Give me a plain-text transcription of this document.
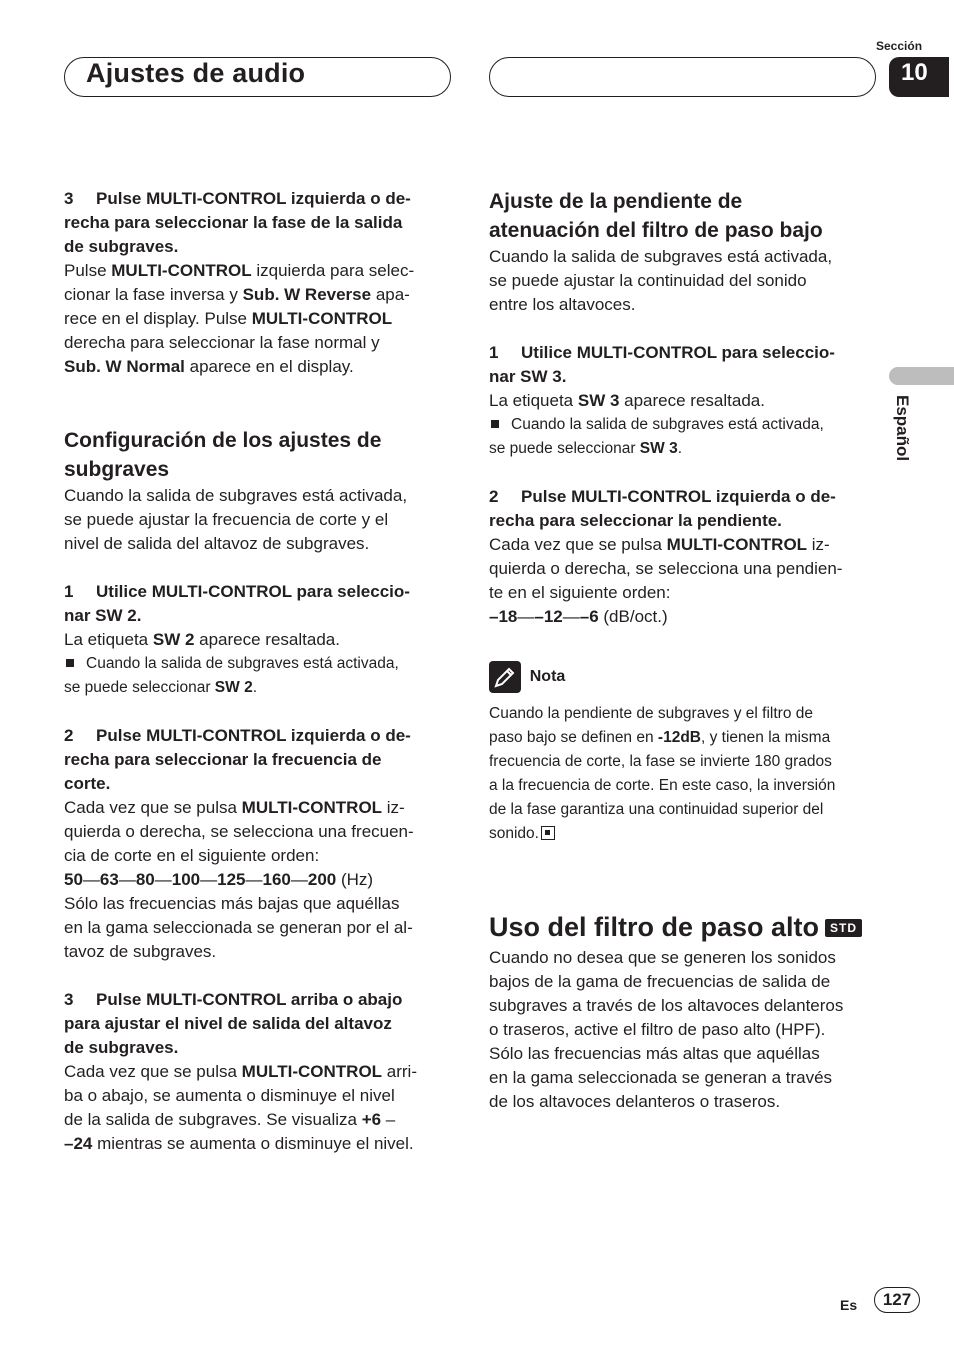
Ajustes de audio
Sección
10
Español

3 Pulse MULTI-CONTROL izquierda o de-

recha para seleccionar la fase de la salida

de subgraves.

Pulse MULTI-CONTROL izquierda para selec-

cionar la fase inversa y Sub. W Reverse apa-

rece en el display. Pulse MULTI-CONTROL

derecha para seleccionar la fase normal y

Sub. W Normal aparece en el display.

Configuración de los ajustes de

subgraves

Cuando la salida de subgraves está activada,

se puede ajustar la frecuencia de corte y el

nivel de salida del altavoz de subgraves.

1 Utilice MULTI-CONTROL para seleccio-

nar SW 2.

La etiqueta SW 2 aparece resaltada.

Cuando la salida de subgraves está activada,

se puede seleccionar SW 2.

2 Pulse MULTI-CONTROL izquierda o de-

recha para seleccionar la frecuencia de

corte.

Cada vez que se pulsa MULTI-CONTROL iz-

quierda o derecha, se selecciona una frecuen-

cia de corte en el siguiente orden:

50—63—80—100—125—160—200 (Hz)

Sólo las frecuencias más bajas que aquéllas

en la gama seleccionada se generan por el al-

tavoz de subgraves.

3 Pulse MULTI-CONTROL arriba o abajo

para ajustar el nivel de salida del altavoz

de subgraves.

Cada vez que se pulsa MULTI-CONTROL arri-

ba o abajo, se aumenta o disminuye el nivel

de la salida de subgraves. Se visualiza +6 –

–24 mientras se aumenta o disminuye el nivel.

Ajuste de la pendiente de

atenuación del filtro de paso bajo

Cuando la salida de subgraves está activada,

se puede ajustar la continuidad del sonido

entre los altavoces.

1 Utilice MULTI-CONTROL para seleccio-

nar SW 3.

La etiqueta SW 3 aparece resaltada.

Cuando la salida de subgraves está activada,

se puede seleccionar SW 3.

2 Pulse MULTI-CONTROL izquierda o de-

recha para seleccionar la pendiente.

Cada vez que se pulsa MULTI-CONTROL iz-

quierda o derecha, se selecciona una pendien-

te en el siguiente orden:

–18—–12—–6 (dB/oct.)

Nota

Cuando la pendiente de subgraves y el filtro de

paso bajo se definen en -12dB, y tienen la misma

frecuencia de corte, la fase se invierte 180 grados

a la frecuencia de corte. En este caso, la inversión

de la fase garantiza una continuidad superior del

sonido.

Uso del filtro de paso alto STD

Cuando no desea que se generen los sonidos

bajos de la gama de frecuencias de salida de

subgraves a través de los altavoces delanteros

o traseros, active el filtro de paso alto (HPF).

Sólo las frecuencias más altas que aquéllas

en la gama seleccionada se generan a través

de los altavoces delanteros o traseros.

Es	127
